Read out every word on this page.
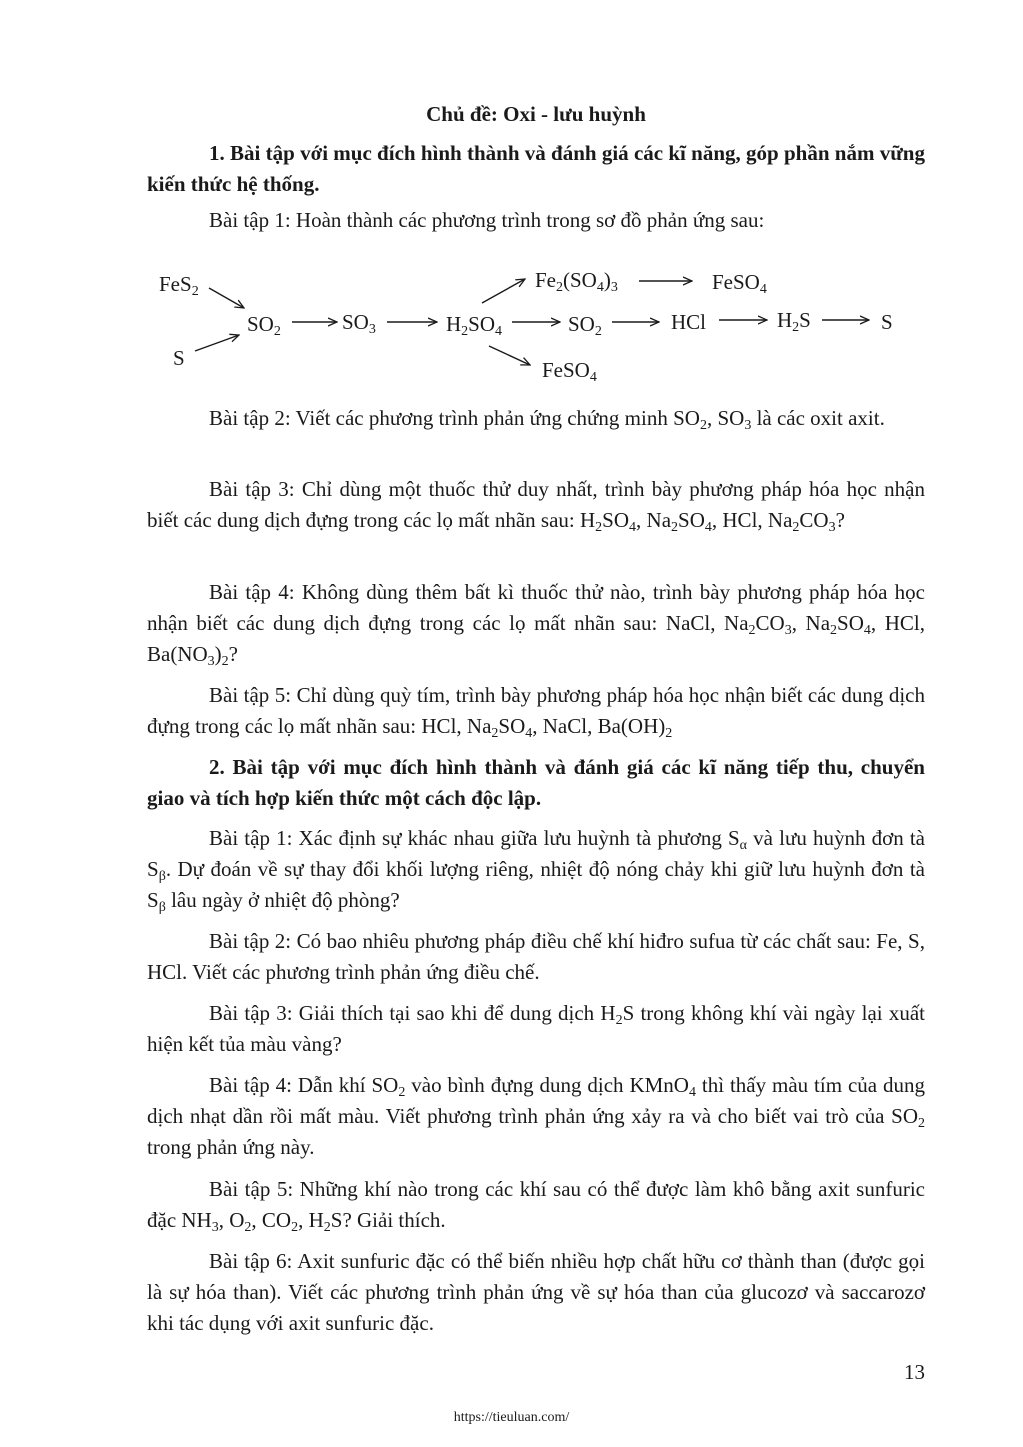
Chủ đề: Oxi - lưu huỳnh
1. Bài tập với mục đích hình thành và đánh giá các kĩ năng, góp phần nắm vững kiến thức hệ thống.
Bài tập 1: Hoàn thành các phương trình trong sơ đồ phản ứng sau:
FeS$_2$
S
$SO_2$	$SO_3$	$H_2SO_4$
$Fe_2(SO_4)_3$	FeSO$_4$
$SO_2$	HCl	$H_2S$	S
FeSO$_4$
Bài tập 2: Viết các phương trình phản ứng chứng minh $SO_2$, $SO_3$ là các oxit axit.
Bài tập 3: Chỉ dùng một thuốc thử duy nhất, trình bày phương pháp hóa học nhận biết các dung dịch đựng trong các lọ mất nhãn sau: $H_2SO_4$, $Na_2SO_4$, HCl, $Na_2CO_3$?
Bài tập 4: Không dùng thêm bất kì thuốc thử nào, trình bày phương pháp hóa học nhận biết các dung dịch đựng trong các lọ mất nhãn sau: NaCl, $Na_2CO_3$, $Na_2SO_4$, HCl, $Ba(NO_3)_2$?
Bài tập 5: Chỉ dùng quỳ tím, trình bày phương pháp hóa học nhận biết các dung dịch đựng trong các lọ mất nhãn sau: HCl, $Na_2SO_4$, NaCl, $Ba(OH)_2$
2. Bài tập với mục đích hình thành và đánh giá các kĩ năng tiếp thu, chuyển giao và tích hợp kiến thức một cách độc lập.
Bài tập 1: Xác định sự khác nhau giữa lưu huỳnh tà phương $S_\alpha$ và lưu huỳnh đơn tà $S_\beta$. Dự đoán về sự thay đổi khối lượng riêng, nhiệt độ nóng chảy khi giữ lưu huỳnh đơn tà $S_\beta$ lâu ngày ở nhiệt độ phòng?
Bài tập 2: Có bao nhiêu phương pháp điều chế khí hiđro sufua từ các chất sau: Fe, S, HCl. Viết các phương trình phản ứng điều chế.
Bài tập 3: Giải thích tại sao khi để dung dịch $H_2S$ trong không khí vài ngày lại xuất hiện kết tủa màu vàng?
Bài tập 4: Dẫn khí $SO_2$ vào bình đựng dung dịch KMnO$_4$ thì thấy màu tím của dung dịch nhạt dần rồi mất màu. Viết phương trình phản ứng xảy ra và cho biết vai trò của $SO_2$ trong phản ứng này.
Bài tập 5: Những khí nào trong các khí sau có thể được làm khô bằng axit sunfuric đặc $NH_3$, $O_2$, $CO_2$, $H_2S$? Giải thích.
Bài tập 6: Axit sunfuric đặc có thể biến nhiều hợp chất hữu cơ thành than (được gọi là sự hóa than). Viết các phương trình phản ứng về sự hóa than của glucozơ và saccarozơ khi tác dụng với axit sunfuric đặc.
13
https://tieuluan.com/
